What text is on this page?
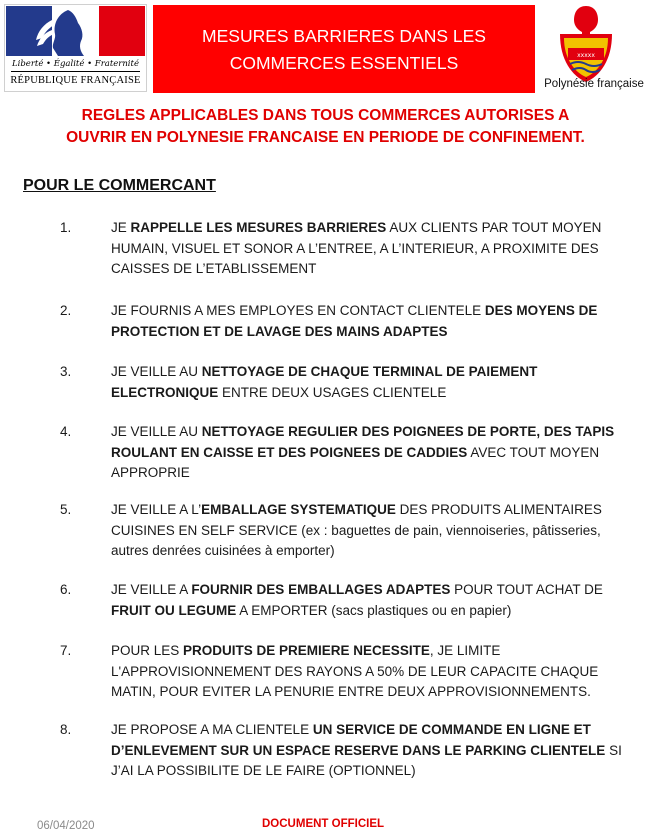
Liberté • Égalité • Fraternité
RÉPUBLIQUE FRANÇAISE
MESURES BARRIERES DANS LES
COMMERCES ESSENTIELS	xxxxx
Polynésie française
REGLES APPLICABLES DANS TOUS COMMERCES AUTORISES A
OUVRIR EN POLYNESIE FRANCAISE EN PERIODE DE CONFINEMENT.
POUR LE COMMERCANT
1.	JE RAPPELLE LES MESURES BARRIERES AUX CLIENTS PAR TOUT MOYEN HUMAIN, VISUEL ET SONOR A L’ENTREE, A L’INTERIEUR, A PROXIMITE DES CAISSES DE L’ETABLISSEMENT
2.	JE FOURNIS A MES EMPLOYES EN CONTACT CLIENTELE DES MOYENS DE PROTECTION ET DE LAVAGE DES MAINS ADAPTES
3.	JE VEILLE AU NETTOYAGE DE CHAQUE TERMINAL DE PAIEMENT ELECTRONIQUE ENTRE DEUX USAGES CLIENTELE
4.	JE VEILLE AU NETTOYAGE REGULIER DES POIGNEES DE PORTE, DES TAPIS ROULANT EN CAISSE ET DES POIGNEES DE CADDIES AVEC TOUT MOYEN APPROPRIE
5.	JE VEILLE A L’EMBALLAGE SYSTEMATIQUE DES PRODUITS ALIMENTAIRES CUISINES EN SELF SERVICE (ex : baguettes de pain, viennoiseries, pâtisseries, autres denrées cuisinées à emporter)
6.	JE VEILLE A FOURNIR DES EMBALLAGES ADAPTES POUR TOUT ACHAT DE FRUIT OU LEGUME A EMPORTER (sacs plastiques ou en papier)
7.	POUR LES PRODUITS DE PREMIERE NECESSITE, JE LIMITE L'APPROVISIONNEMENT DES RAYONS A 50% DE LEUR CAPACITE CHAQUE MATIN, POUR EVITER LA PENURIE ENTRE DEUX APPROVISIONNEMENTS.
8.	JE PROPOSE A MA CLIENTELE UN SERVICE DE COMMANDE EN LIGNE ET D’ENLEVEMENT SUR UN ESPACE RESERVE DANS LE PARKING CLIENTELE SI J’AI LA POSSIBILITE DE LE FAIRE (OPTIONNEL)
06/04/2020	DOCUMENT OFFICIEL
